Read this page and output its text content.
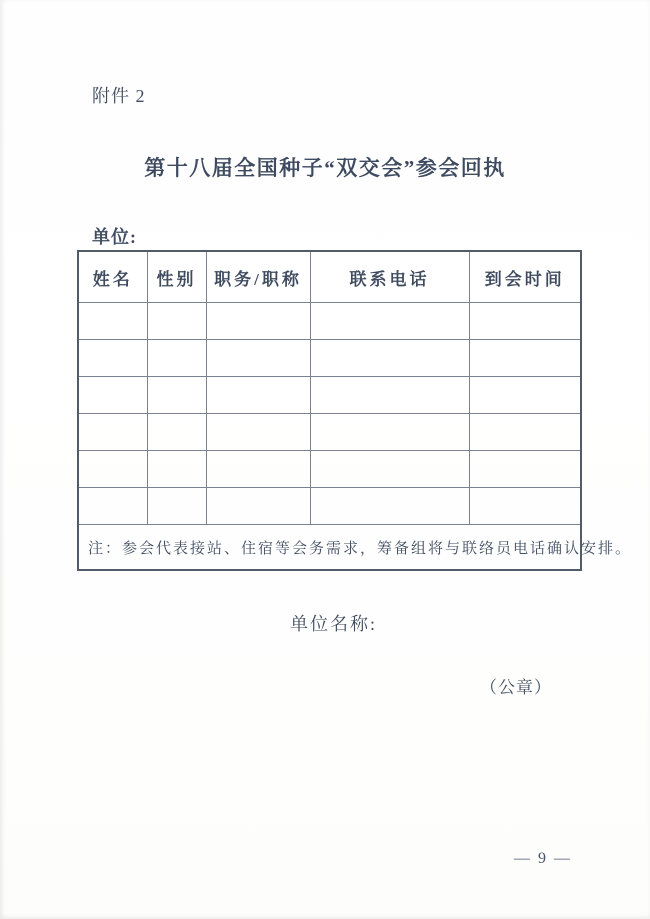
附件 2
第十八届全国种子“双交会”参会回执
单位:
姓名	性别	职务/职称	联系电话	到会时间

注：参会代表接站、住宿等会务需求，筹备组将与联络员电话确认安排。				
单位名称:
（公章）
— 9 —
